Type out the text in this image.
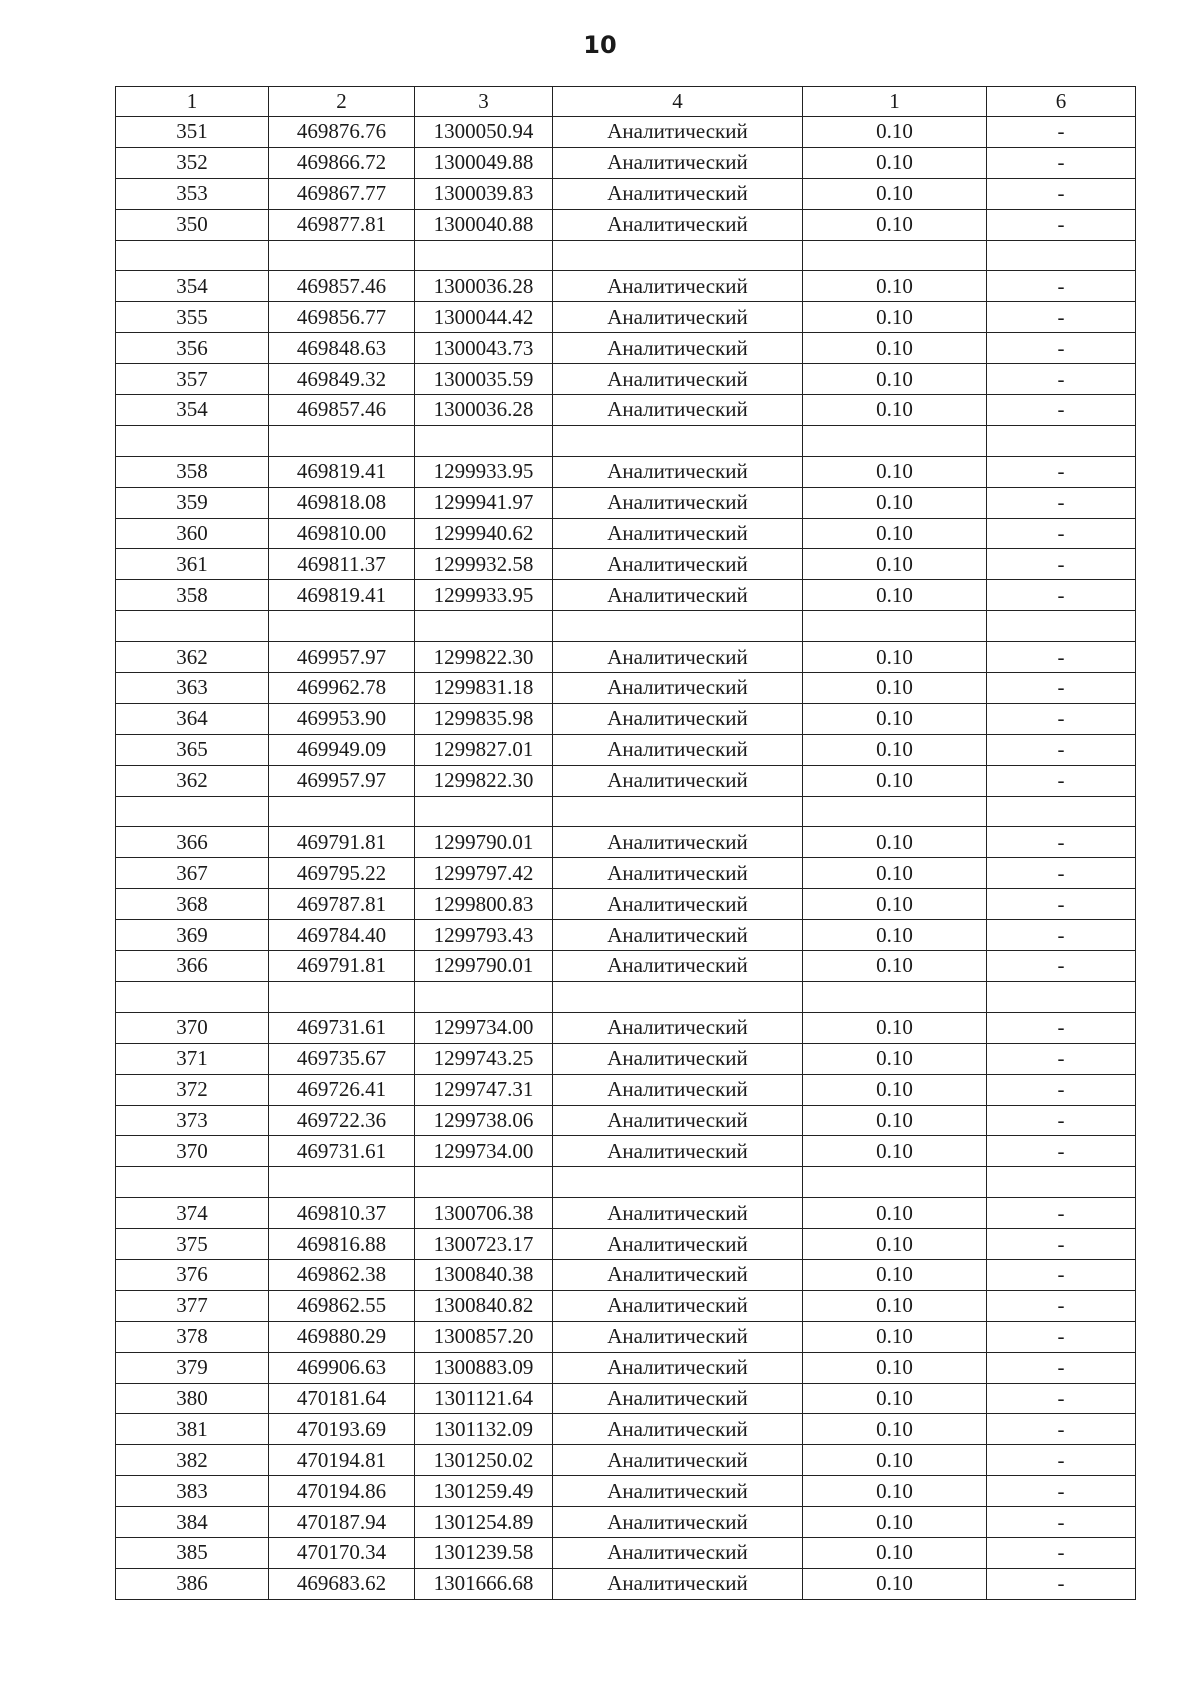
10
1	2	3	4	1	6
351	469876.76	1300050.94	Аналитический	0.10	-
352	469866.72	1300049.88	Аналитический	0.10	-
353	469867.77	1300039.83	Аналитический	0.10	-
350	469877.81	1300040.88	Аналитический	0.10	-

354	469857.46	1300036.28	Аналитический	0.10	-
355	469856.77	1300044.42	Аналитический	0.10	-
356	469848.63	1300043.73	Аналитический	0.10	-
357	469849.32	1300035.59	Аналитический	0.10	-
354	469857.46	1300036.28	Аналитический	0.10	-

358	469819.41	1299933.95	Аналитический	0.10	-
359	469818.08	1299941.97	Аналитический	0.10	-
360	469810.00	1299940.62	Аналитический	0.10	-
361	469811.37	1299932.58	Аналитический	0.10	-
358	469819.41	1299933.95	Аналитический	0.10	-

362	469957.97	1299822.30	Аналитический	0.10	-
363	469962.78	1299831.18	Аналитический	0.10	-
364	469953.90	1299835.98	Аналитический	0.10	-
365	469949.09	1299827.01	Аналитический	0.10	-
362	469957.97	1299822.30	Аналитический	0.10	-

366	469791.81	1299790.01	Аналитический	0.10	-
367	469795.22	1299797.42	Аналитический	0.10	-
368	469787.81	1299800.83	Аналитический	0.10	-
369	469784.40	1299793.43	Аналитический	0.10	-
366	469791.81	1299790.01	Аналитический	0.10	-

370	469731.61	1299734.00	Аналитический	0.10	-
371	469735.67	1299743.25	Аналитический	0.10	-
372	469726.41	1299747.31	Аналитический	0.10	-
373	469722.36	1299738.06	Аналитический	0.10	-
370	469731.61	1299734.00	Аналитический	0.10	-

374	469810.37	1300706.38	Аналитический	0.10	-
375	469816.88	1300723.17	Аналитический	0.10	-
376	469862.38	1300840.38	Аналитический	0.10	-
377	469862.55	1300840.82	Аналитический	0.10	-
378	469880.29	1300857.20	Аналитический	0.10	-
379	469906.63	1300883.09	Аналитический	0.10	-
380	470181.64	1301121.64	Аналитический	0.10	-
381	470193.69	1301132.09	Аналитический	0.10	-
382	470194.81	1301250.02	Аналитический	0.10	-
383	470194.86	1301259.49	Аналитический	0.10	-
384	470187.94	1301254.89	Аналитический	0.10	-
385	470170.34	1301239.58	Аналитический	0.10	-
386	469683.62	1301666.68	Аналитический	0.10	-
